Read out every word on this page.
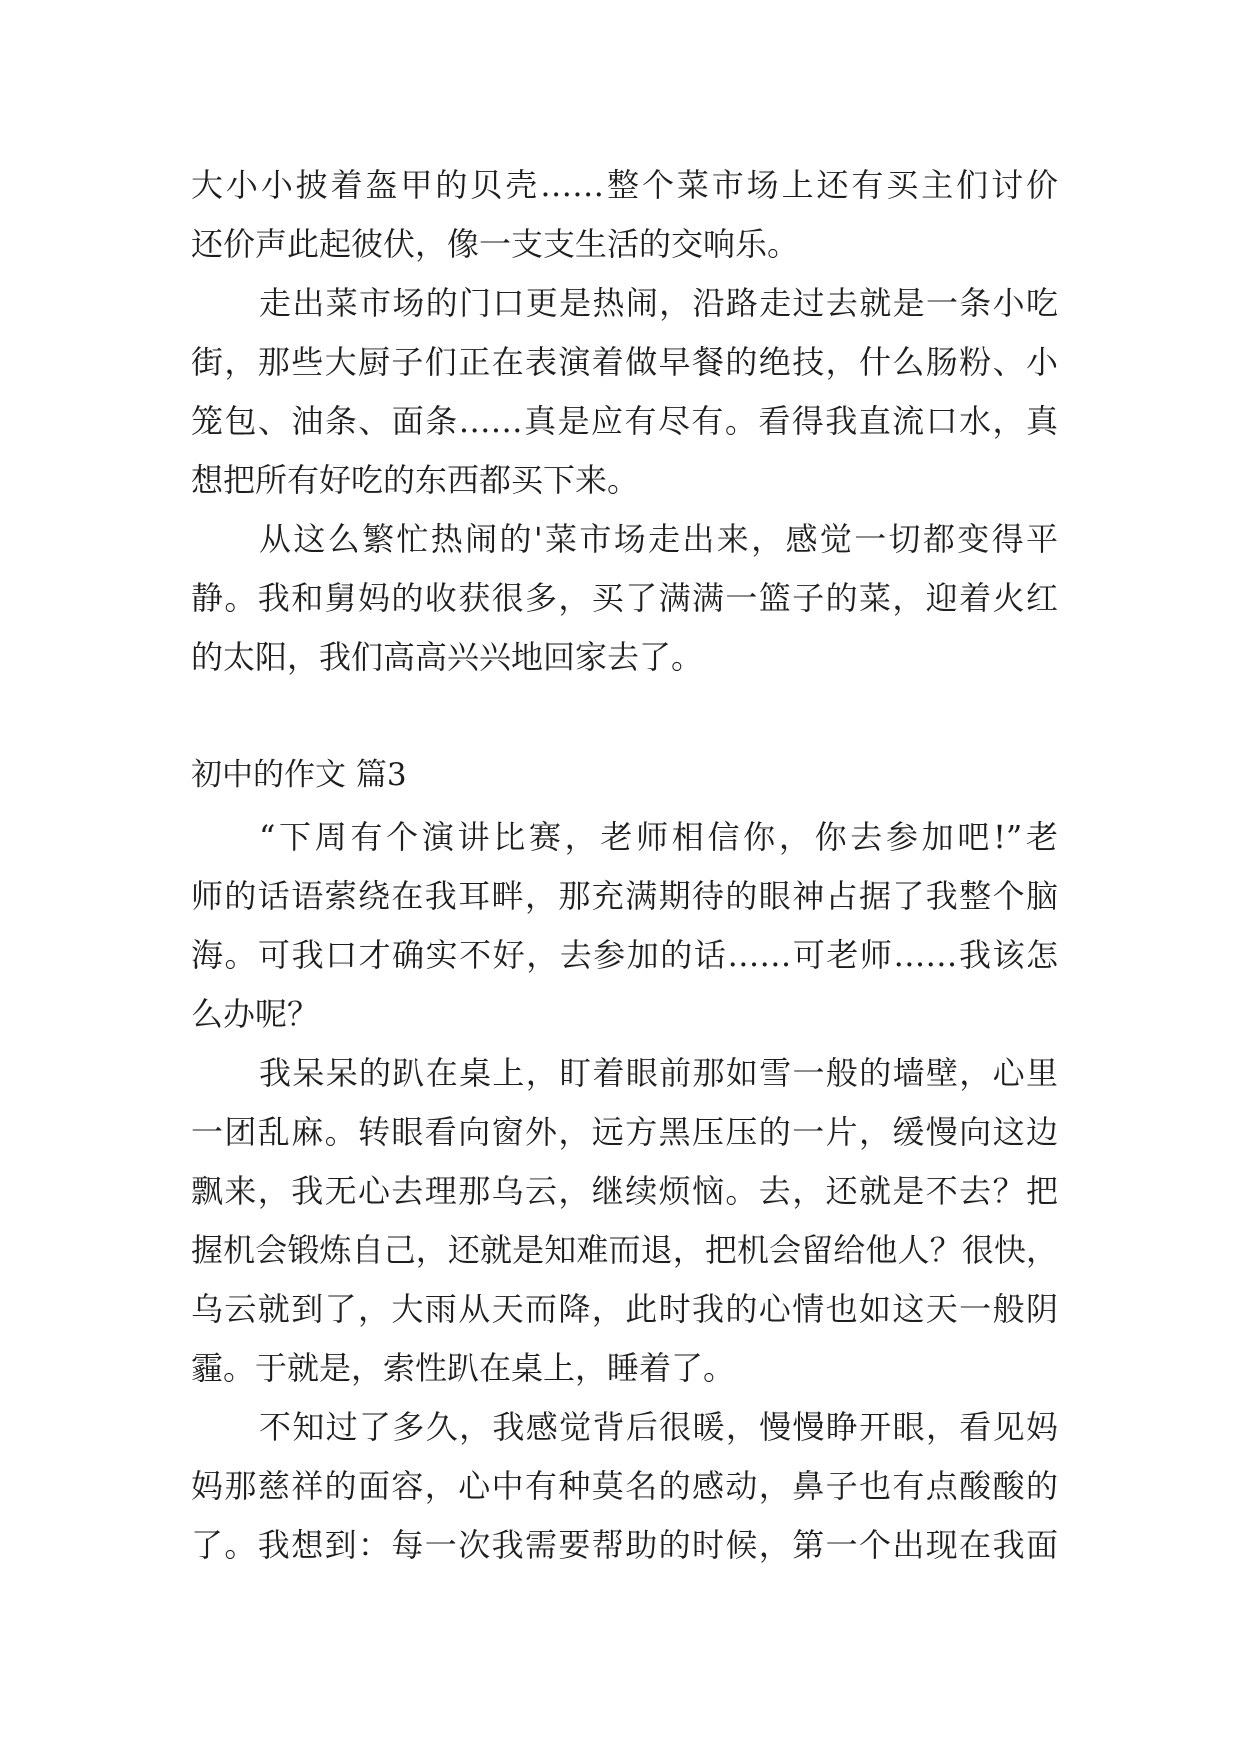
大小小披着盔甲的贝壳……整个菜市场上还有买主们讨价
还价声此起彼伏，像一支支生活的交响乐。
走出菜市场的门口更是热闹，沿路走过去就是一条小吃
街，那些大厨子们正在表演着做早餐的绝技，什么肠粉、小
笼包、油条、面条……真是应有尽有。看得我直流口水，真
想把所有好吃的东西都买下来。
从这么繁忙热闹的'菜市场走出来，感觉一切都变得平
静。我和舅妈的收获很多，买了满满一篮子的菜，迎着火红
的太阳，我们高高兴兴地回家去了。
初中的作文 篇3
“下周有个演讲比赛，老师相信你，你去参加吧!”老
师的话语萦绕在我耳畔，那充满期待的眼神占据了我整个脑
海。可我口才确实不好，去参加的话……可老师……我该怎
么办呢？
我呆呆的趴在桌上，盯着眼前那如雪一般的墙壁，心里
一团乱麻。转眼看向窗外，远方黑压压的一片，缓慢向这边
飘来，我无心去理那乌云，继续烦恼。去，还就是不去？把
握机会锻炼自己，还就是知难而退，把机会留给他人？很快，
乌云就到了，大雨从天而降，此时我的心情也如这天一般阴
霾。于就是，索性趴在桌上，睡着了。
不知过了多久，我感觉背后很暖，慢慢睁开眼，看见妈
妈那慈祥的面容，心中有种莫名的感动，鼻子也有点酸酸的
了。我想到：每一次我需要帮助的时候，第一个出现在我面
